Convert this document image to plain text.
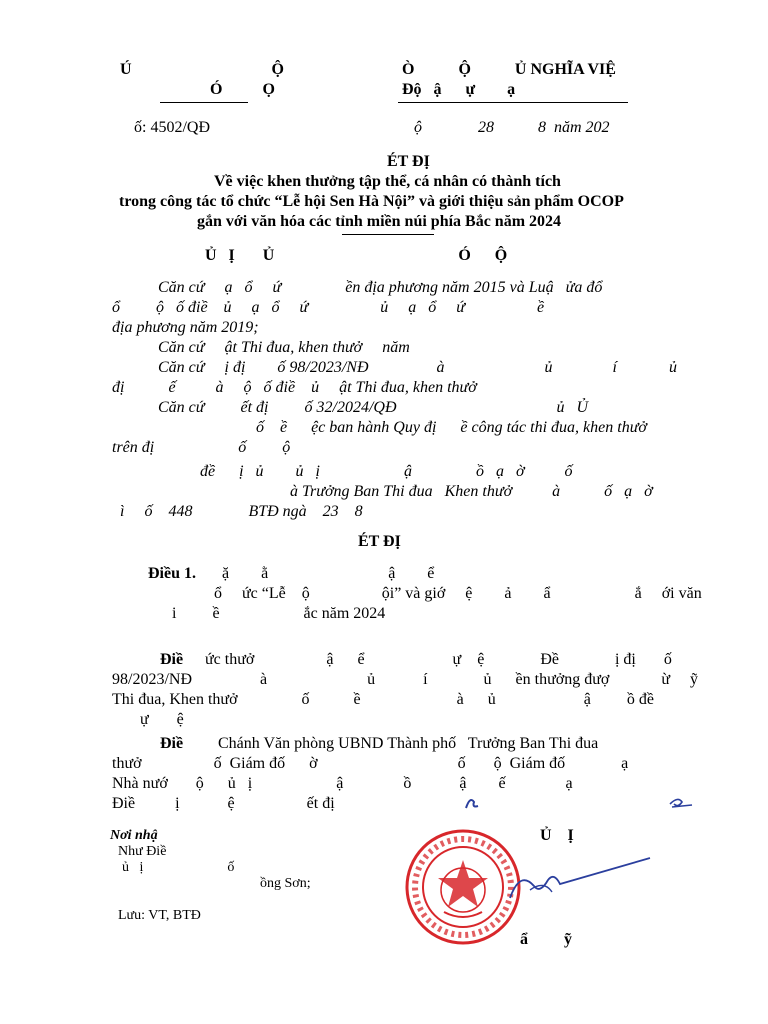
Ú                                   Ộ
Ó          Ọ
Ò           Ộ           Ủ NGHĨA VIỆ
Độ   ậ      ự        ạ
ố: 4502/QĐ	ộ              28           8  năm 202
ÉT ĐỊ
Về việc khen thưởng tập thể, cá nhân có thành tích
trong công tác tổ chức “Lễ hội Sen Hà Nội” và giới thiệu sản phẩm OCOP
gắn với văn hóa các tỉnh miền núi phía Bắc năm 2024
Ủ   Ị       Ủ                                              Ó      Ộ
Căn cứ     ạ   ổ     ứ                ền địa phương năm 2015 và Luậ   ửa đổ
ổ         ộ   ố điề    ủ     ạ   ổ     ứ                  ủ     ạ   ổ     ứ                  ề
địa phương năm 2019;
Căn cứ     ật Thi đua, khen thưở     năm
Căn cứ     ị đị        ố 98/2023/NĐ                 à                         ủ               í             ủ
đị           ế          à     ộ   ố điề    ủ     ật Thi đua, khen thưở
Căn cứ         ết đị         ố 32/2024/QĐ                                        ủ   Ủ
ố    ề      ệc ban hành Quy đị      ề công tác thi đua, khen thưở
trên đị                     ố         ộ
đề      ị   ủ        ủ   ị                     ậ                ồ   ạ   ờ          ố
à Trưởng Ban Thi đua   Khen thưở          à           ố   ạ   ờ
ì     ố    448              BTĐ ngà    23    8
ÉT ĐỊ
Điều 1. ặ        ằ                              ậ        ể
ổ     ức “Lễ    ộ                  ội” và giớ     ệ        ả        ẩ                     ắ     ới văn
i         ề                     ắc năm 2024
Điề ức thưở                  ậ      ể                      ự    ệ              Đề              ị đị       ố
98/2023/NĐ                 à                         ủ            í              ủ      ền thưởng đượ             ừ     ỹ
Thi đua, Khen thưở                ố           ề                        à      ủ                      ậ         ồ đề
ự       ệ
Điề Chánh Văn phòng UBND Thành phố   Trưởng Ban Thi đua
thưở                  ố  Giám đố      ờ                                   ố       ộ  Giám đố              ạ
Nhà nướ       ộ      ủ   ị                     ậ               ồ            ậ        ế               ạ
Điề          ị            ệ                  ết đị
Nơi nhậ
Như Điề
ủ   ị                        ố
ồng Sơn;
Lưu: VT, BTĐ
Ủ    Ị
ẩ         ỹ
